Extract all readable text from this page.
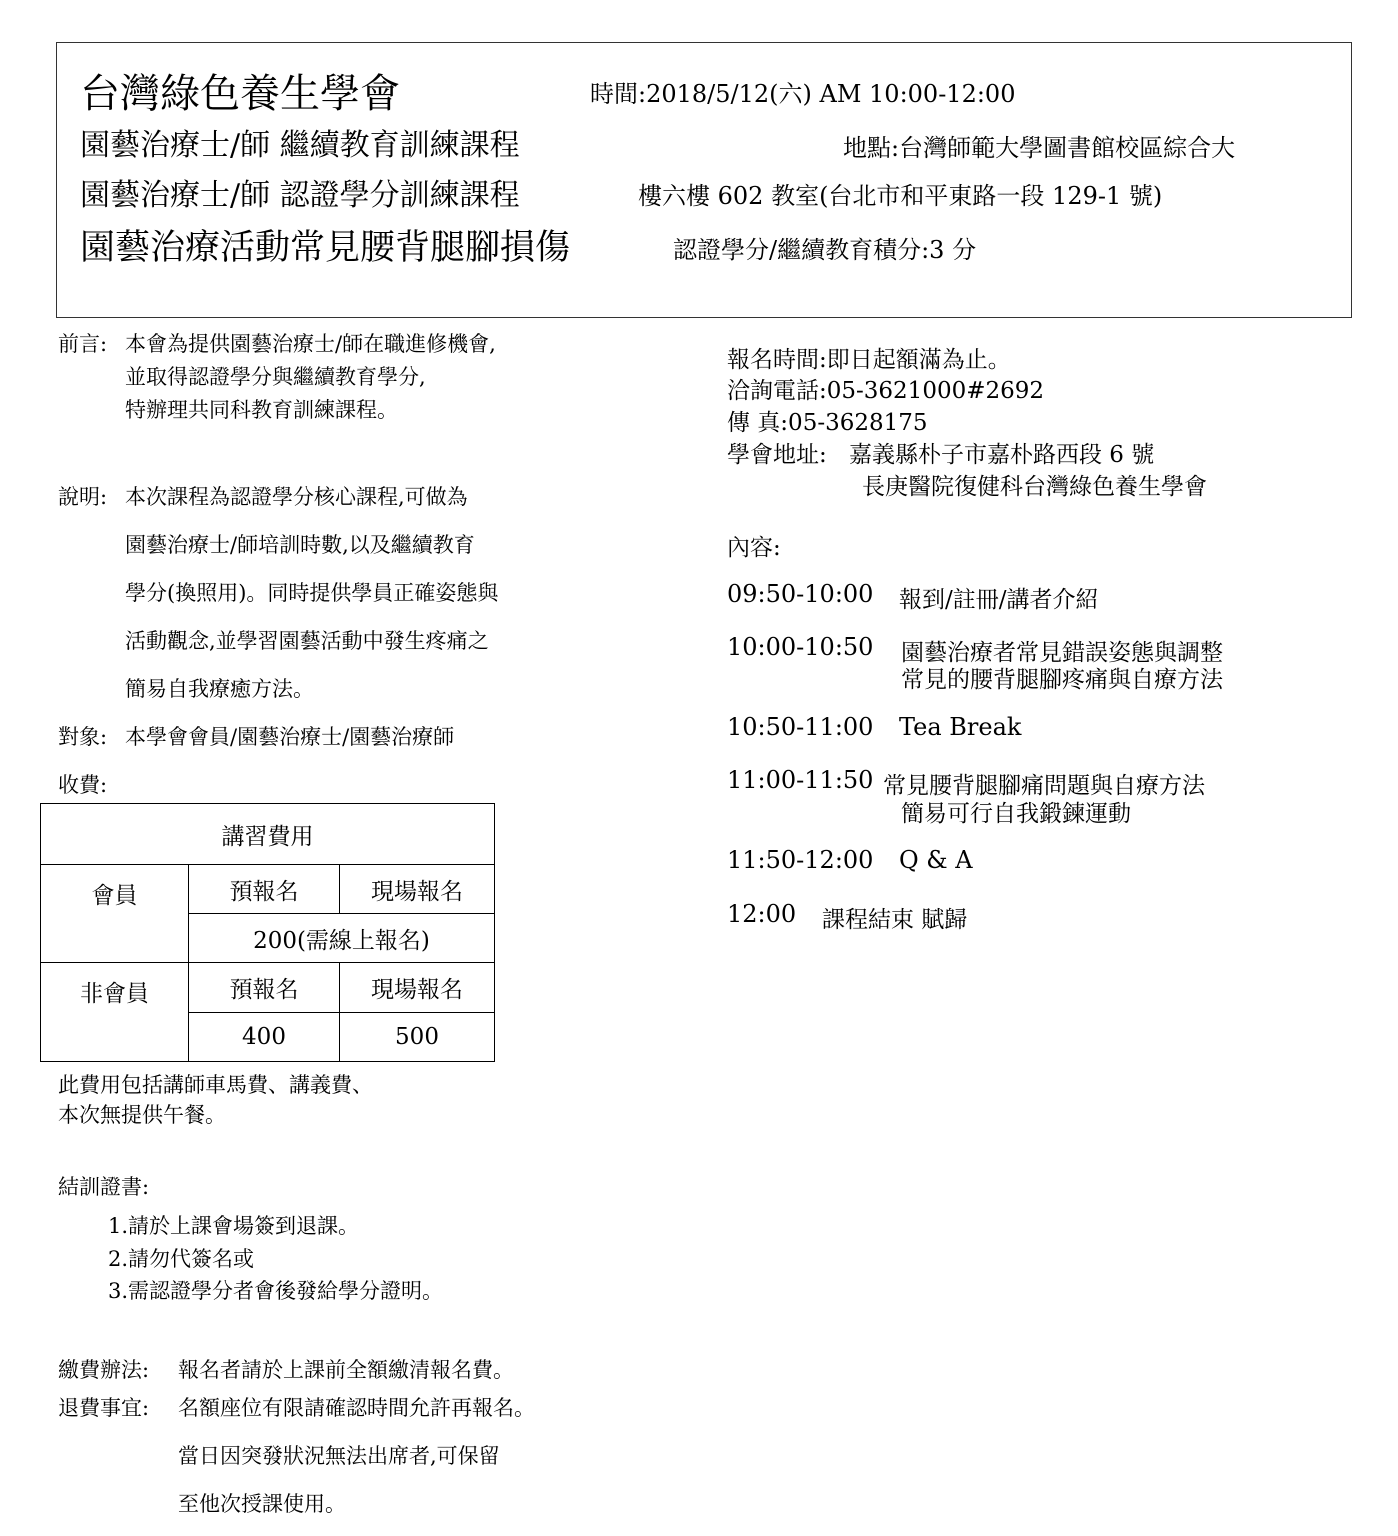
台灣綠色養生學會	時間:2018/5/12(六) AM 10:00-12:00
園藝治療士/師 繼續教育訓練課程	地點:台灣師範大學圖書館校區綜合大
園藝治療士/師 認證學分訓練課程	樓六樓 602 教室(台北市和平東路一段 129-1 號)
園藝治療活動常見腰背腿腳損傷	認證學分/繼續教育積分:3 分
前言: 本會為提供園藝治療士/師在職進修機會,
並取得認證學分與繼續教育學分,
特辦理共同科教育訓練課程。
說明: 本次課程為認證學分核心課程,可做為
園藝治療士/師培訓時數,以及繼續教育
學分(換照用)。同時提供學員正確姿態與
活動觀念,並學習園藝活動中發生疼痛之
簡易自我療癒方法。
對象: 本學會會員/園藝治療士/園藝治療師
收費:
講習費用		
會員	預報名	現場報名
	200(需線上報名)	
非會員	預報名	現場報名
	400	500
此費用包括講師車馬費、講義費、
本次無提供午餐。
結訓證書:
1.請於上課會場簽到退課。
2.請勿代簽名或
3.需認證學分者會後發給學分證明。
繳費辦法: 報名者請於上課前全額繳清報名費。
退費事宜: 名額座位有限請確認時間允許再報名。
當日因突發狀況無法出席者,可保留
至他次授課使用。
報名時間:即日起額滿為止。
洽詢電話:05-3621000#2692
傳 真:05-3628175
學會地址: 嘉義縣朴子市嘉朴路西段 6 號
長庚醫院復健科台灣綠色養生學會
內容:
09:50-10:00 報到/註冊/講者介紹
10:00-10:50 園藝治療者常見錯誤姿態與調整
常見的腰背腿腳疼痛與自療方法
10:50-11:00 Tea Break
11:00-11:50 常見腰背腿腳痛問題與自療方法
簡易可行自我鍛鍊運動
11:50-12:00 Q & A
12:00 課程結束 賦歸
